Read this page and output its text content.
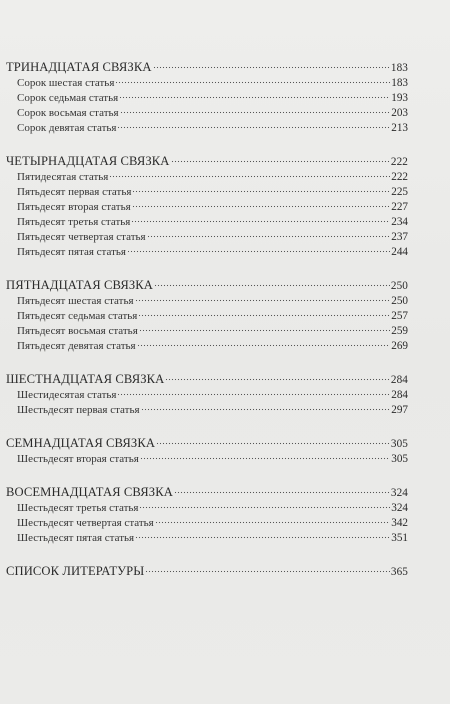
ТРИНАДЦАТАЯ СВЯЗКА	183
Сорок шестая статья	183
Сорок седьмая статья	193
Сорок восьмая статья	203
Сорок девятая статья	213
ЧЕТЫРНАДЦАТАЯ СВЯЗКА	222
Пятидесятая статья	222
Пятьдесят первая статья	225
Пятьдесят вторая статья	227
Пятьдесят третья статья	234
Пятьдесят четвертая статья	237
Пятьдесят пятая статья	244
ПЯТНАДЦАТАЯ СВЯЗКА	250
Пятьдесят шестая статья	250
Пятьдесят седьмая статья	257
Пятьдесят восьмая статья	259
Пятьдесят девятая статья	269
ШЕСТНАДЦАТАЯ СВЯЗКА	284
Шестидесятая статья	284
Шестьдесят первая статья	297
СЕМНАДЦАТАЯ СВЯЗКА	305
Шестьдесят вторая статья	305
ВОСЕМНАДЦАТАЯ СВЯЗКА	324
Шестьдесят третья статья	324
Шестьдесят четвертая статья	342
Шестьдесят пятая статья	351
СПИСОК ЛИТЕРАТУРЫ	365
